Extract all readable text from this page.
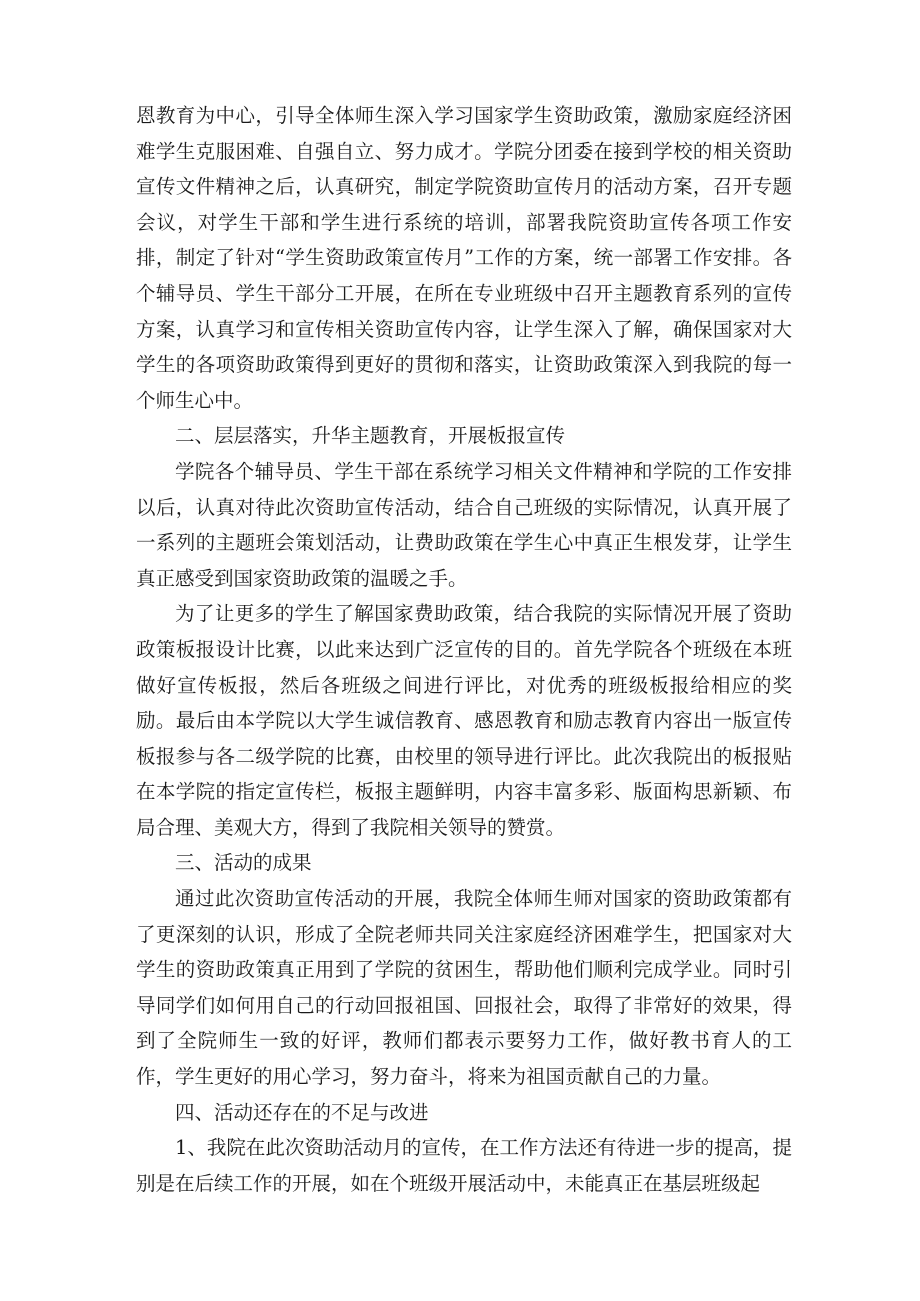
恩教育为中心，引导全体师生深入学习国家学生资助政策，激励家庭经济困难学生克服困难、自强自立、努力成才。学院分团委在接到学校的相关资助宣传文件精神之后，认真研究，制定学院资助宣传月的活动方案，召开专题会议，对学生干部和学生进行系统的培训，部署我院资助宣传各项工作安排，制定了针对“学生资助政策宣传月”工作的方案，统一部署工作安排。各个辅导员、学生干部分工开展，在所在专业班级中召开主题教育系列的宣传方案，认真学习和宣传相关资助宣传内容，让学生深入了解，确保国家对大学生的各项资助政策得到更好的贯彻和落实，让资助政策深入到我院的每一个师生心中。

二、层层落实，升华主题教育，开展板报宣传

学院各个辅导员、学生干部在系统学习相关文件精神和学院的工作安排以后，认真对待此次资助宣传活动，结合自己班级的实际情况，认真开展了一系列的主题班会策划活动，让费助政策在学生心中真正生根发芽，让学生真正感受到国家资助政策的温暖之手。

为了让更多的学生了解国家费助政策，结合我院的实际情况开展了资助政策板报设计比赛，以此来达到广泛宣传的目的。首先学院各个班级在本班做好宣传板报，然后各班级之间进行评比，对优秀的班级板报给相应的奖励。最后由本学院以大学生诚信教育、感恩教育和励志教育内容出一版宣传板报参与各二级学院的比赛，由校里的领导进行评比。此次我院出的板报贴在本学院的指定宣传栏，板报主题鲜明，内容丰富多彩、版面构思新颖、布局合理、美观大方，得到了我院相关领导的赞赏。

三、活动的成果

通过此次资助宣传活动的开展，我院全体师生师对国家的资助政策都有了更深刻的认识，形成了全院老师共同关注家庭经济困难学生，把国家对大学生的资助政策真正用到了学院的贫困生，帮助他们顺利完成学业。同时引导同学们如何用自己的行动回报祖国、回报社会，取得了非常好的效果，得到了全院师生一致的好评，教师们都表示要努力工作，做好教书育人的工作，学生更好的用心学习，努力奋斗，将来为祖国贡献自己的力量。

四、活动还存在的不足与改进

1、我院在此次资助活动月的宣传，在工作方法还有待进一步的提高，提别是在后续工作的开展，如在个班级开展活动中，未能真正在基层班级起
